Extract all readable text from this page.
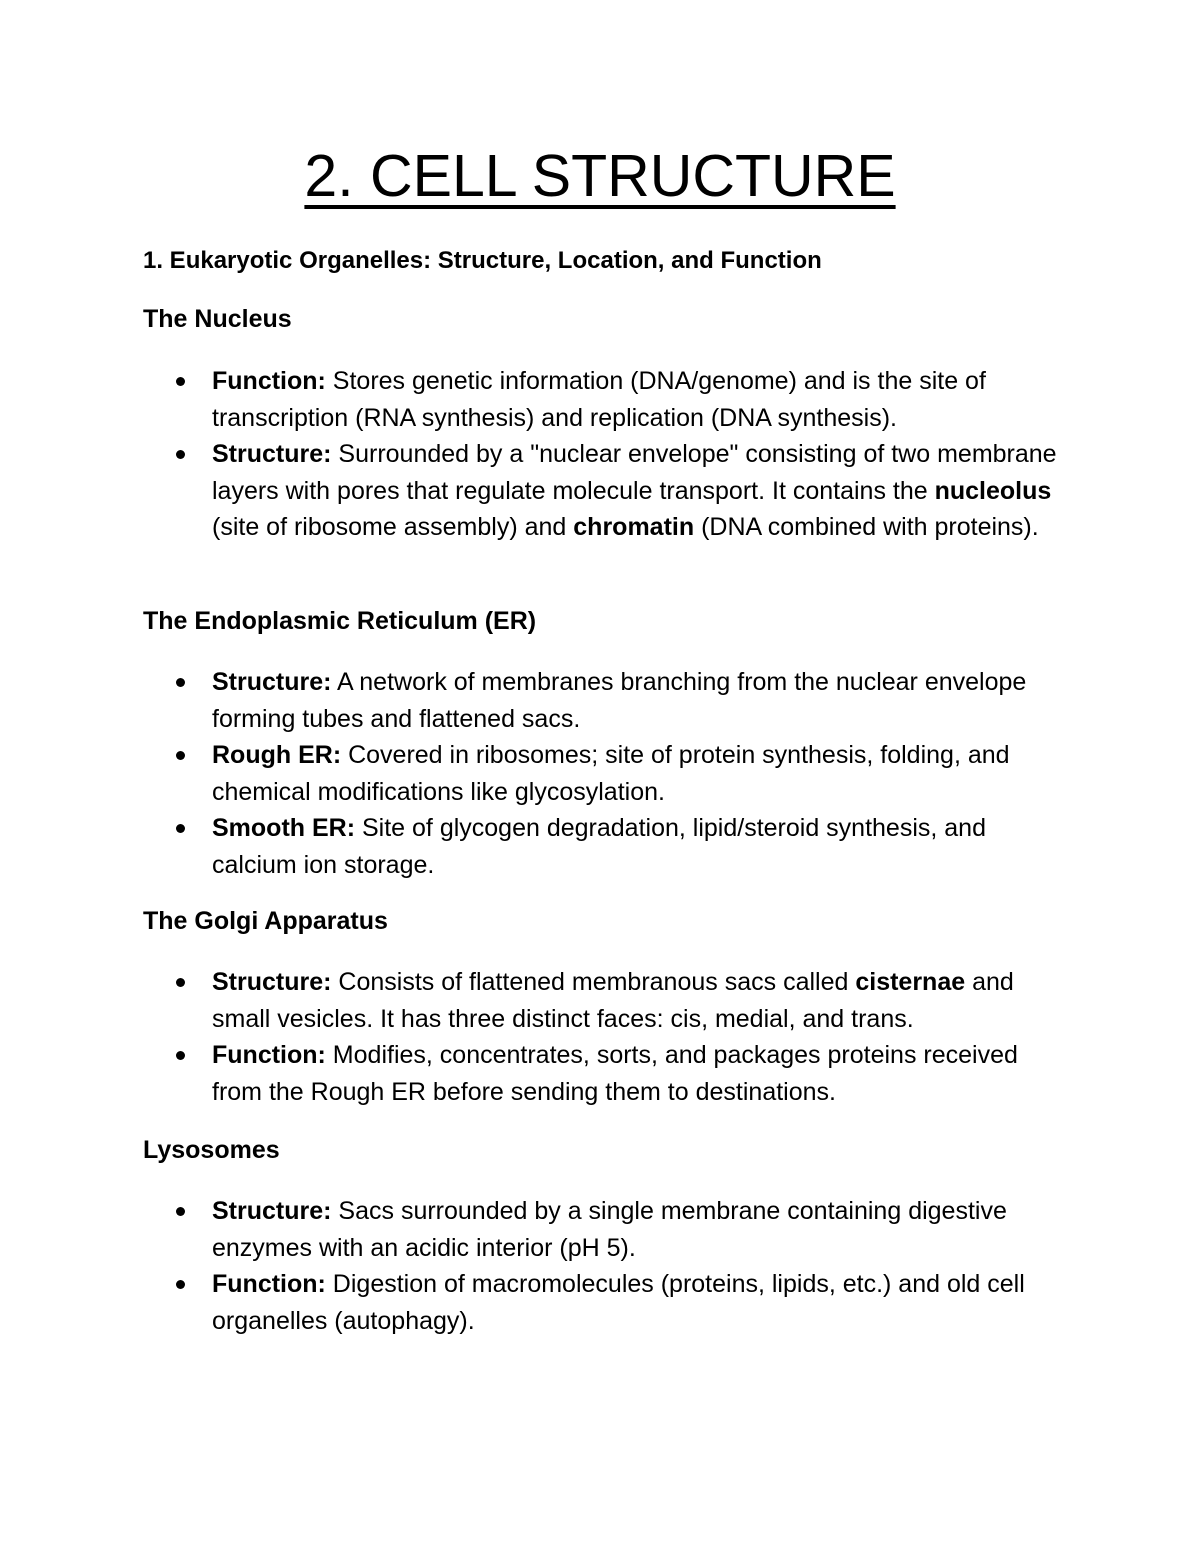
2. CELL STRUCTURE
1. Eukaryotic Organelles: Structure, Location, and Function
The Nucleus
Function: Stores genetic information (DNA/genome) and is the site of transcription (RNA synthesis) and replication (DNA synthesis).
Structure: Surrounded by a "nuclear envelope" consisting of two membrane layers with pores that regulate molecule transport. It contains the nucleolus (site of ribosome assembly) and chromatin (DNA combined with proteins).
The Endoplasmic Reticulum (ER)
Structure: A network of membranes branching from the nuclear envelope forming tubes and flattened sacs.
Rough ER: Covered in ribosomes; site of protein synthesis, folding, and chemical modifications like glycosylation.
Smooth ER: Site of glycogen degradation, lipid/steroid synthesis, and calcium ion storage.
The Golgi Apparatus
Structure: Consists of flattened membranous sacs called cisternae and small vesicles. It has three distinct faces: cis, medial, and trans.
Function: Modifies, concentrates, sorts, and packages proteins received from the Rough ER before sending them to destinations.
Lysosomes
Structure: Sacs surrounded by a single membrane containing digestive enzymes with an acidic interior (pH 5).
Function: Digestion of macromolecules (proteins, lipids, etc.) and old cell organelles (autophagy).
